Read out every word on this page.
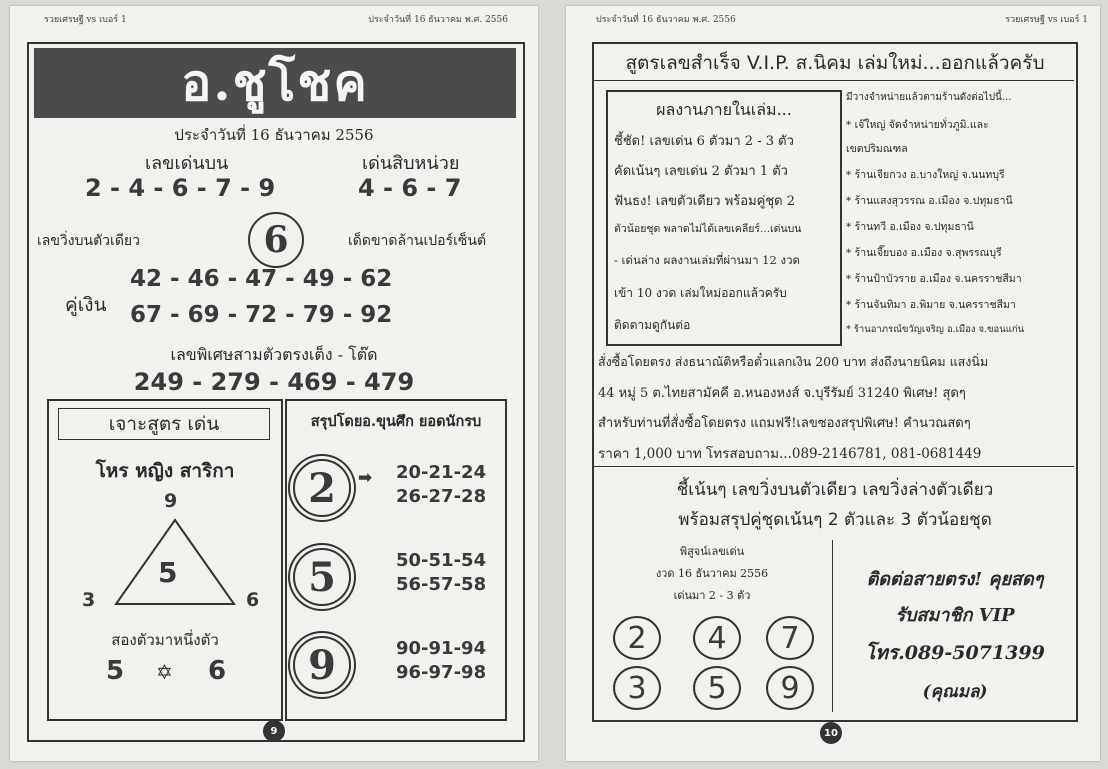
รวยเศรษฐี vs เบอร์ 1	ประจำวันที่ 16 ธันวาคม พ.ศ. 2556
อ.ชูโชค
ประจำวันที่ 16 ธันวาคม 2556
เลขเด่นบน	เด่นสิบหน่วย
2 - 4 - 6 - 7 - 9	4 - 6 - 7
เลขวิ่งบนตัวเดียว	6	เด็ดขาดล้านเปอร์เซ็นต์
42 - 46 - 47 - 49 - 62
คู่เงิน 67 - 69 - 72 - 79 - 92
เลขพิเศษสามตัวตรงเต็ง - โต๊ด
249 - 279 - 469 - 479
เจาะสูตร เด่น
โหร หญิง สาริกา
9
5
3	6
สองตัวมาหนึ่งตัว
5 ✡ 6
สรุปโดยอ.ขุนศึก ยอดนักรบ
2	➡ 20-21-24
26-27-28
5	50-51-54
56-57-58
9	90-91-94
96-97-98
9
ประจำวันที่ 16 ธันวาคม พ.ศ. 2556	รวยเศรษฐี vs เบอร์ 1
สูตรเลขสำเร็จ V.I.P. ส.นิคม เล่มใหม่...ออกแล้วครับ
ผลงานภายในเล่ม...
ชี้ชัด! เลขเด่น 6 ตัวมา 2 - 3 ตัว
คัดเน้นๆ เลขเด่น 2 ตัวมา 1 ตัว
ฟันธง! เลขตัวเดียว พร้อมคู่ชุด 2
ตัวน้อยชุด พลาดไม่ได้เลขเคลียร์...เด่นบน
- เด่นล่าง ผลงานเล่มที่ผ่านมา 12 งวด
เข้า 10 งวด เล่มใหม่ออกแล้วครับ
ติดตามดูกันต่อ
มีวางจำหน่ายแล้วตามร้านดังต่อไปนี้...
* เจ๊ใหญ่ จัดจำหน่ายทั่วภูมิ.และ
เขตปริมณฑล
* ร้านเจียกวง อ.บางใหญ่ จ.นนทบุรี
* ร้านแสงสุวรรณ อ.เมือง จ.ปทุมธานี
* ร้านทวี อ.เมือง จ.ปทุมธานี
* ร้านเจี๊ยบอง อ.เมือง จ.สุพรรณบุรี
* ร้านป้าบัวราย อ.เมือง จ.นครราชสีมา
* ร้านจันทิมา อ.พิมาย จ.นครราชสีมา
* ร้านอาภรณ์ขวัญเจริญ อ.เมือง จ.ขอนแก่น
สั่งซื้อโดยตรง ส่งธนาณัติหรือตั๋วแลกเงิน 200 บาท ส่งถึงนายนิคม แสงนิ่ม
44 หมู่ 5 ต.ไทยสามัคคี อ.หนองหงส์ จ.บุรีรัมย์ 31240 พิเศษ! สุดๆ
สำหรับท่านที่สั่งซื้อโดยตรง แถมฟรี!เลขซองสรุปพิเศษ! คำนวณสดๆ
ราคา 1,000 บาท โทรสอบถาม...089-2146781, 081-0681449
ชี้เน้นๆ เลขวิ่งบนตัวเดียว เลขวิ่งล่างตัวเดียว
พร้อมสรุปคู่ชุดเน้นๆ 2 ตัวและ 3 ตัวน้อยชุด
พิสูจน์เลขเด่น
งวด 16 ธันวาคม 2556
เด่นมา 2 - 3 ตัว
2	4	7
3	5	9
ติดต่อสายตรง! คุยสดๆ
รับสมาชิก VIP
โทร.089-5071399
(คุณมล)
10
